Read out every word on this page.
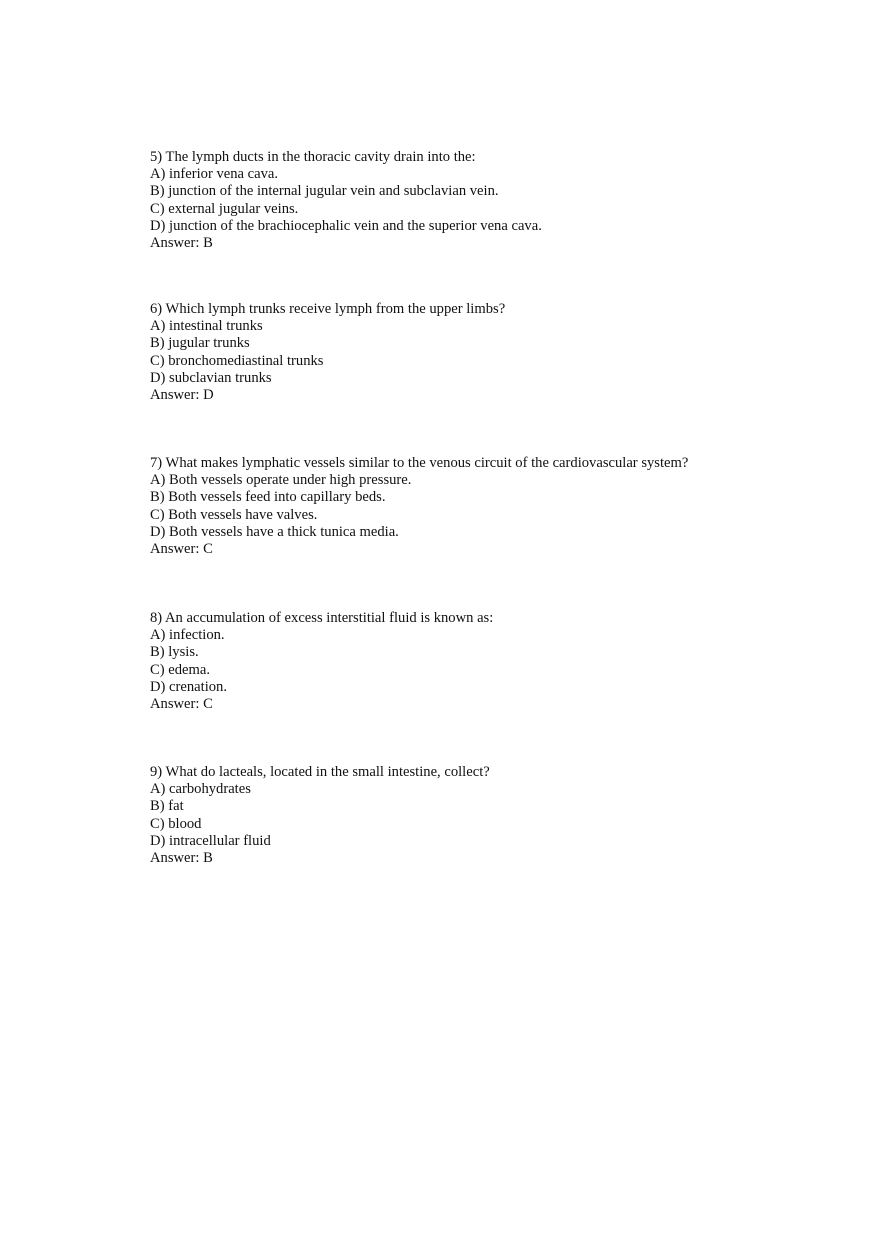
5) The lymph ducts in the thoracic cavity drain into the:
A) inferior vena cava.
B) junction of the internal jugular vein and subclavian vein.
C) external jugular veins.
D) junction of the brachiocephalic vein and the superior vena cava.
Answer: B
6) Which lymph trunks receive lymph from the upper limbs?
A) intestinal trunks
B) jugular trunks
C) bronchomediastinal trunks
D) subclavian trunks
Answer: D
7) What makes lymphatic vessels similar to the venous circuit of the cardiovascular system?
A) Both vessels operate under high pressure.
B) Both vessels feed into capillary beds.
C) Both vessels have valves.
D) Both vessels have a thick tunica media.
Answer: C
8) An accumulation of excess interstitial fluid is known as:
A) infection.
B) lysis.
C) edema.
D) crenation.
Answer: C
9) What do lacteals, located in the small intestine, collect?
A) carbohydrates
B) fat
C) blood
D) intracellular fluid
Answer: B
